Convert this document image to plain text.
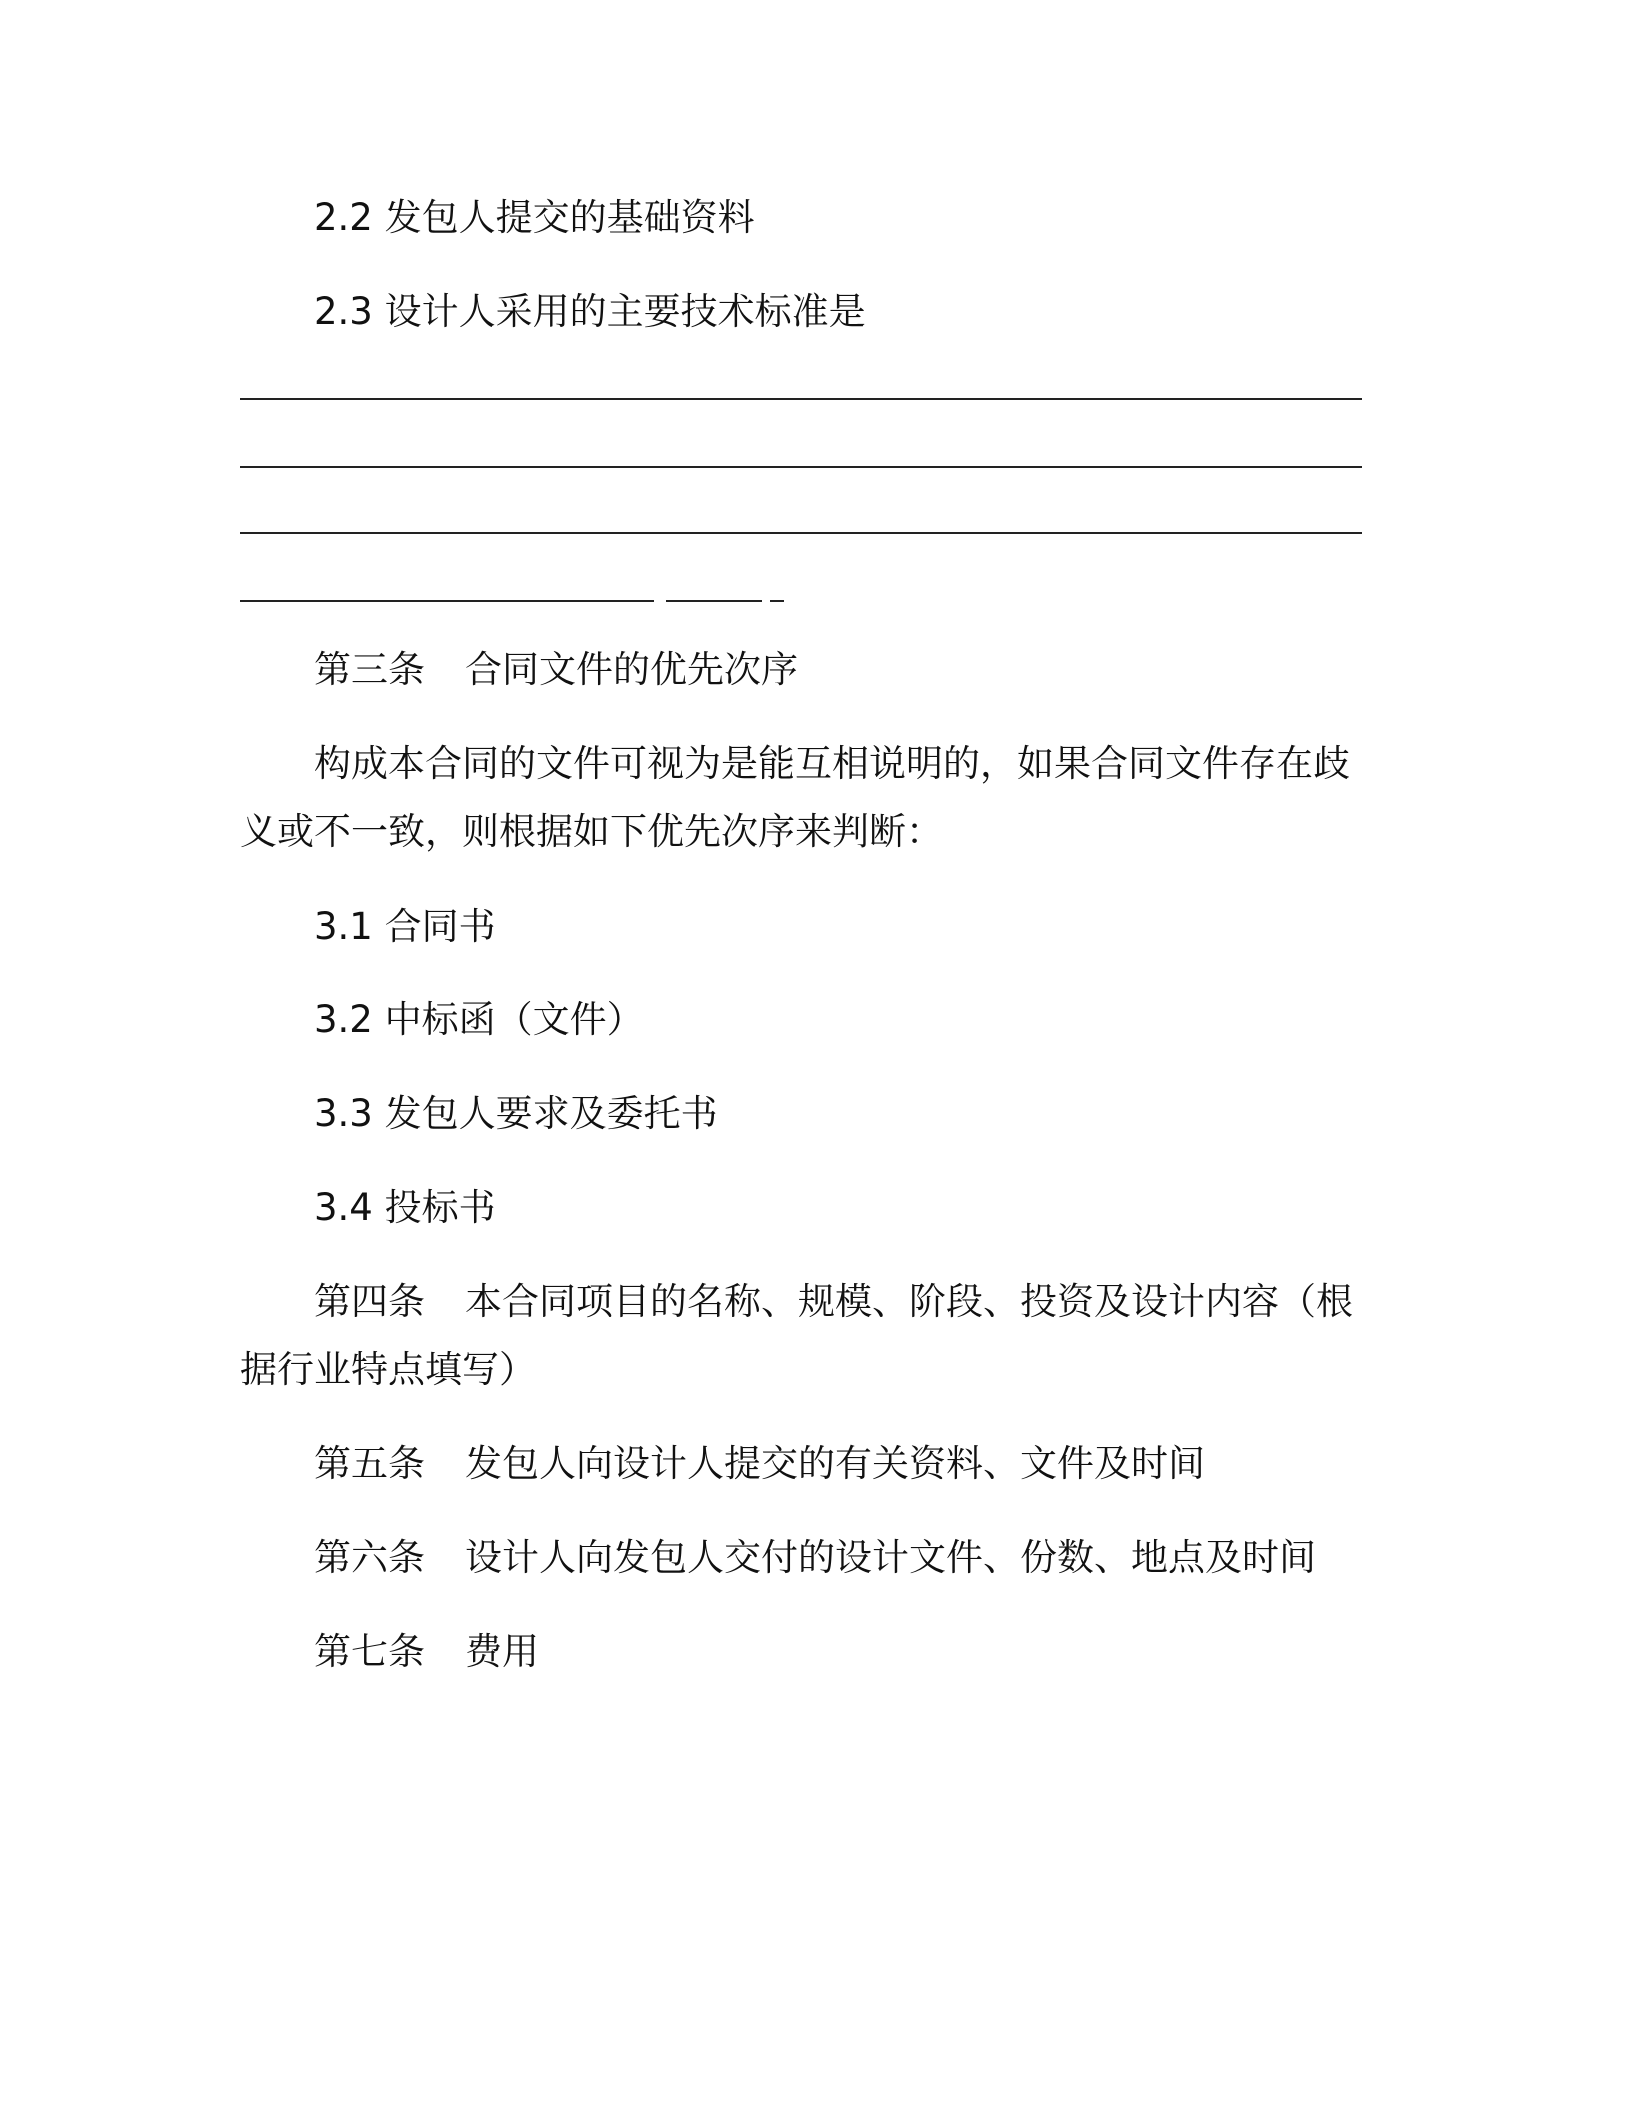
2.2 发包人提交的基础资料
2.3 设计人采用的主要技术标准是
第三条 合同文件的优先次序
构成本合同的文件可视为是能互相说明的，如果合同文件存在歧
义或不一致，则根据如下优先次序来判断：
3.1 合同书
3.2 中标函（文件）
3.3 发包人要求及委托书
3.4 投标书
第四条 本合同项目的名称、规模、阶段、投资及设计内容（根
据行业特点填写）
第五条 发包人向设计人提交的有关资料、文件及时间
第六条 设计人向发包人交付的设计文件、份数、地点及时间
第七条 费用
